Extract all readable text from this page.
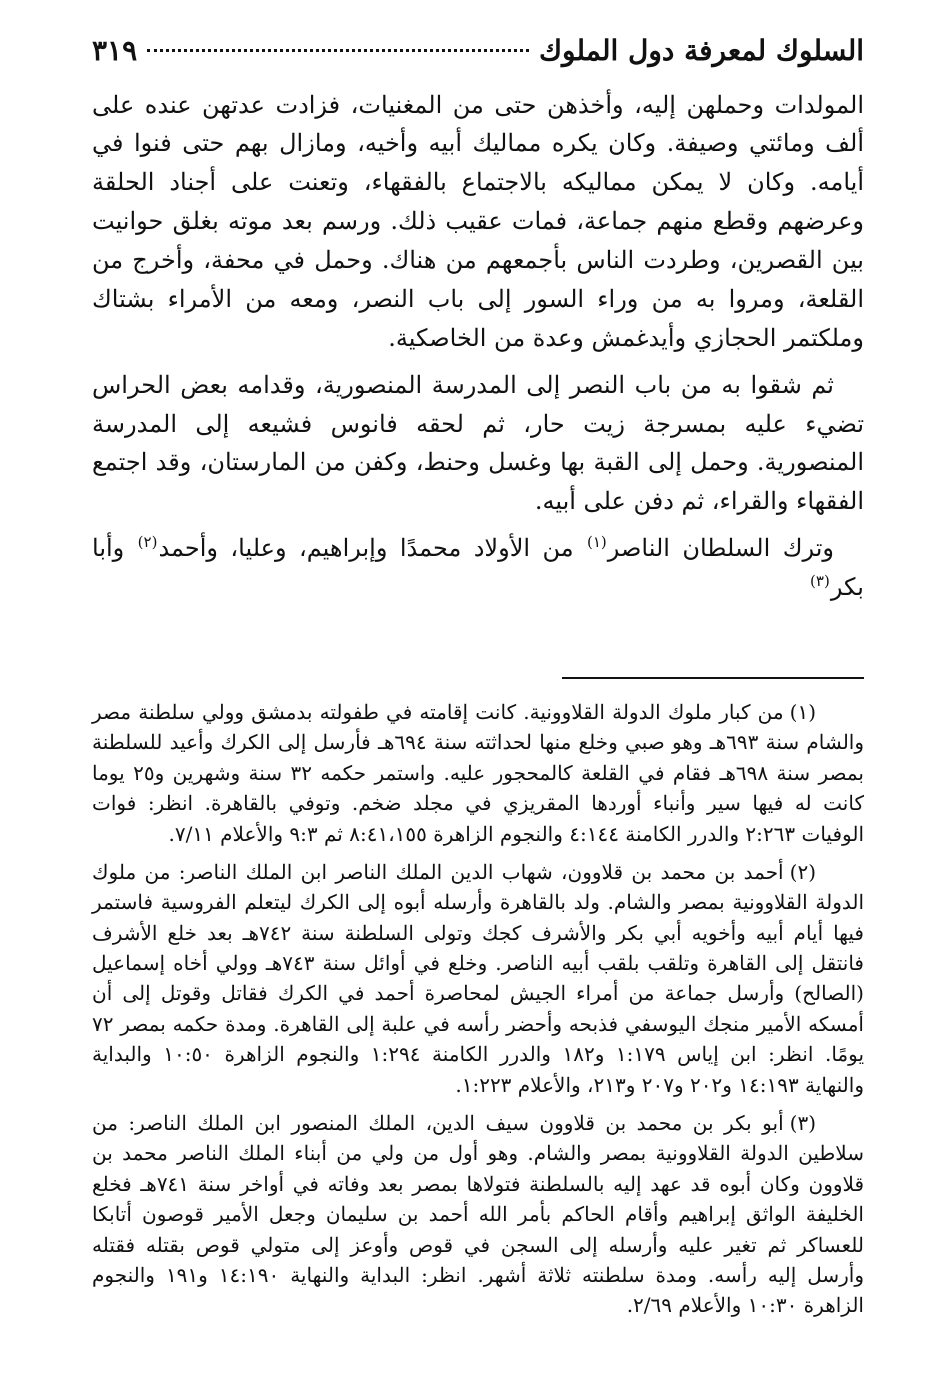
السلوك لمعرفة دول الملوك
٣١٩

المولدات وحملهن إليه، وأخذهن حتى من المغنيات، فزادت عدتهن عنده على ألف ومائتي وصيفة. وكان يكره مماليك أبيه وأخيه، ومازال بهم حتى فنوا في أيامه. وكان لا يمكن مماليكه بالاجتماع بالفقهاء، وتعنت على أجناد الحلقة وعرضهم وقطع منهم جماعة، فمات عقيب ذلك. ورسم بعد موته بغلق حوانيت بين القصرين، وطردت الناس بأجمعهم من هناك. وحمل في محفة، وأخرج من القلعة، ومروا به من وراء السور إلى باب النصر، ومعه من الأمراء بشتاك وملكتمر الحجازي وأيدغمش وعدة من الخاصكية.

ثم شقوا به من باب النصر إلى المدرسة المنصورية، وقدامه بعض الحراس تضيء عليه بمسرجة زيت حار، ثم لحقه فانوس فشيعه إلى المدرسة المنصورية. وحمل إلى القبة بها وغسل وحنط، وكفن من المارستان، وقد اجتمع الفقهاء والقراء، ثم دفن على أبيه.

وترك السلطان الناصر$^{(١)}$ من الأولاد محمدًا وإبراهيم، وعليا، وأحمد$^{(٢)}$ وأبا بكر$^{(٣)}$

(١)من كبار ملوك الدولة القلاوونية. كانت إقامته في طفولته بدمشق وولي سلطنة مصر والشام سنة ٦٩٣هـ وهو صبي وخلع منها لحداثته سنة ٦٩٤هـ فأرسل إلى الكرك وأعيد للسلطنة بمصر سنة ٦٩٨هـ فقام في القلعة كالمحجور عليه. واستمر حكمه ٣٢ سنة وشهرين و٢٥ يوما كانت له فيها سير وأنباء أوردها المقريزي في مجلد ضخم. وتوفي بالقاهرة. انظر: فوات الوفيات ٢:٢٦٣ والدرر الكامنة ٤:١٤٤ والنجوم الزاهرة ٨:٤١،١٥٥ ثم ٩:٣ والأعلام ٧/١١.

(٢)أحمد بن محمد بن قلاوون، شهاب الدين الملك الناصر ابن الملك الناصر: من ملوك الدولة القلاوونية بمصر والشام. ولد بالقاهرة وأرسله أبوه إلى الكرك ليتعلم الفروسية فاستمر فيها أيام أبيه وأخويه أبي بكر والأشرف كجك وتولى السلطنة سنة ٧٤٢هـ بعد خلع الأشرف فانتقل إلى القاهرة وتلقب بلقب أبيه الناصر. وخلع في أوائل سنة ٧٤٣هـ وولي أخاه إسماعيل (الصالح) وأرسل جماعة من أمراء الجيش لمحاصرة أحمد في الكرك فقاتل وقوتل إلى أن أمسكه الأمير منجك اليوسفي فذبحه وأحضر رأسه في علبة إلى القاهرة. ومدة حكمه بمصر ٧٢ يومًا. انظر: ابن إياس ١:١٧٩ و١٨٢ والدرر الكامنة ١:٢٩٤ والنجوم الزاهرة ١٠:٥٠ والبداية والنهاية ١٤:١٩٣ و٢٠٢ و٢٠٧ و٢١٣، والأعلام ١:٢٢٣.

(٣)أبو بكر بن محمد بن قلاوون سيف الدين، الملك المنصور ابن الملك الناصر: من سلاطين الدولة القلاوونية بمصر والشام. وهو أول من ولي من أبناء الملك الناصر محمد بن قلاوون وكان أبوه قد عهد إليه بالسلطنة فتولاها بمصر بعد وفاته في أواخر سنة ٧٤١هـ فخلع الخليفة الواثق إبراهيم وأقام الحاكم بأمر الله أحمد بن سليمان وجعل الأمير قوصون أتابكا للعساكر ثم تغير عليه وأرسله إلى السجن في قوص وأوعز إلى متولي قوص بقتله فقتله وأرسل إليه رأسه. ومدة سلطنته ثلاثة أشهر. انظر: البداية والنهاية ١٤:١٩٠ و١٩١ والنجوم الزاهرة ١٠:٣٠ والأعلام ٢/٦٩.
